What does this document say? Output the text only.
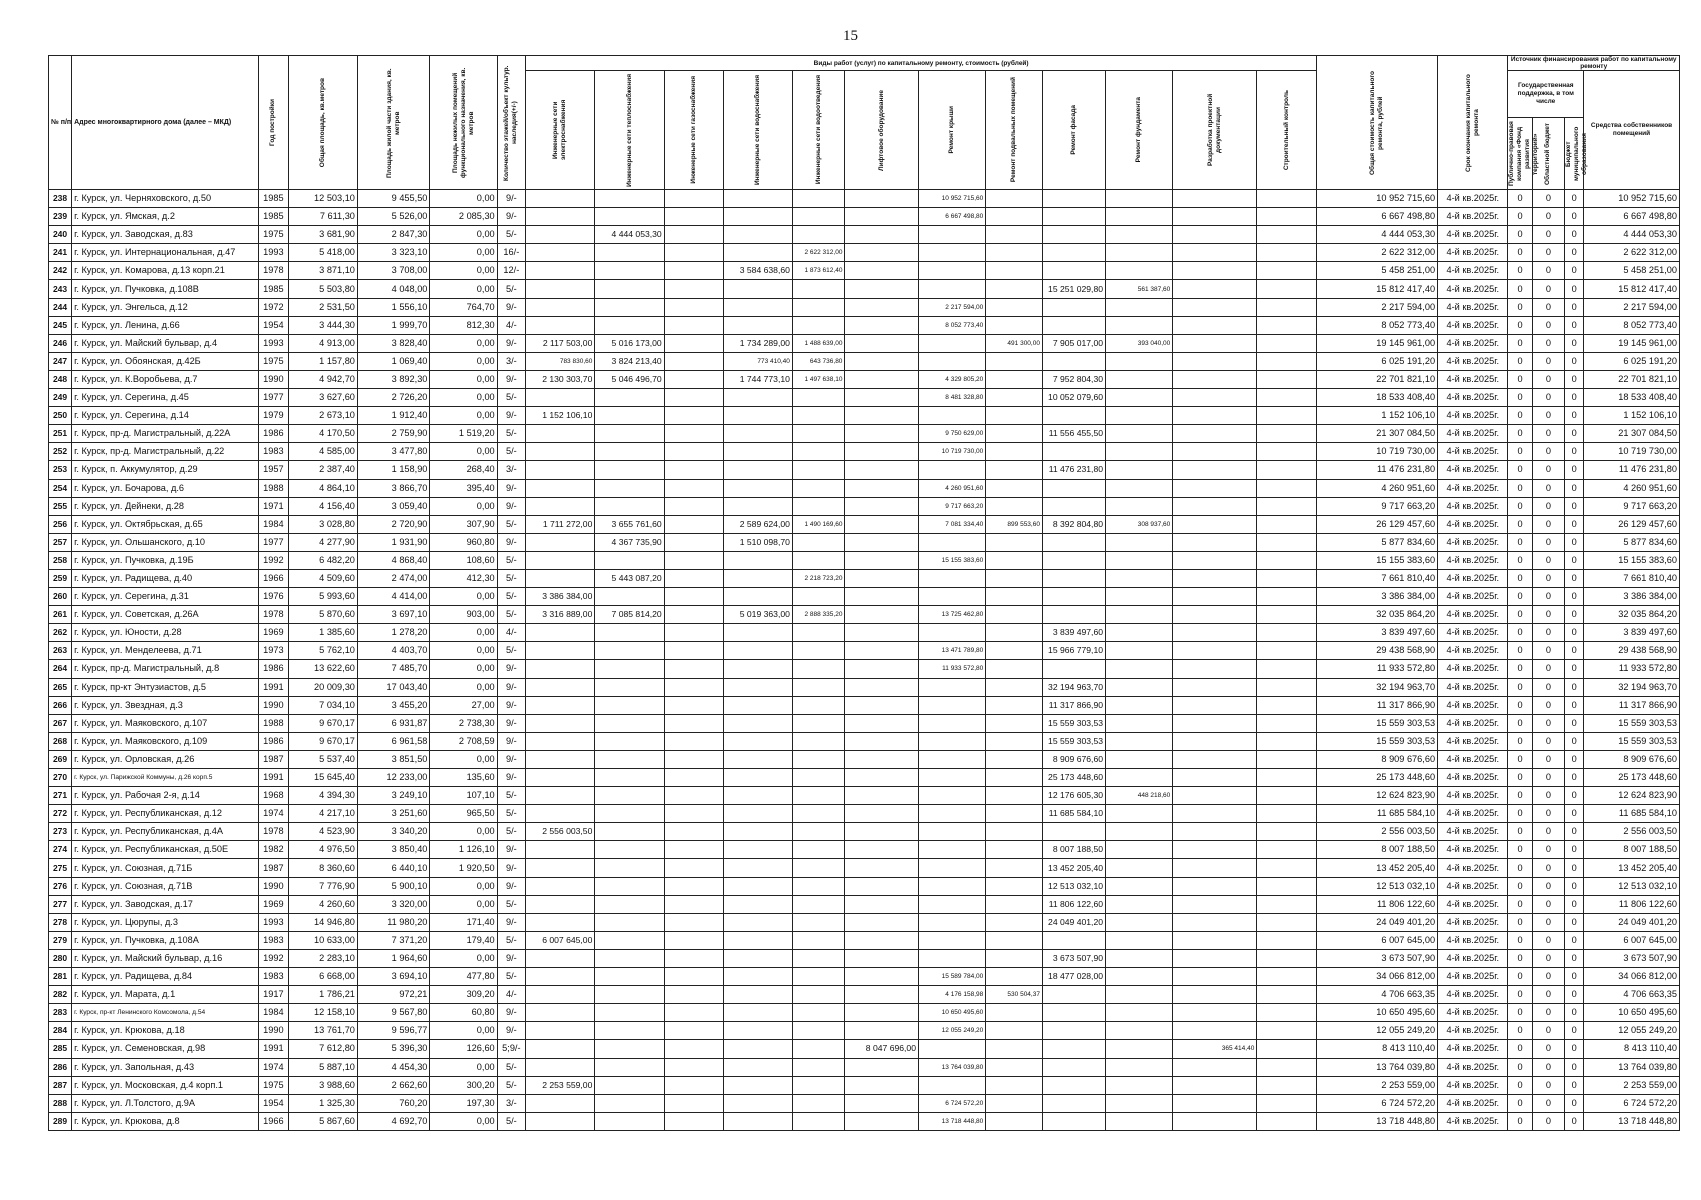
15
№ п/п	Адрес многоквартирного дома (далее – МКД)	Год постройки	Общая площадь, кв.метров	Площадь жилой части здания, кв. метров	Площадь нежилых помещений функционального назначения, кв. метров	Количество этажей/объект культур. наследия(+/-)	Виды работ (услуг) по капитальному ремонту, стоимость (рублей)												Общая стоимость капитального ремонта, рублей	Срок окончания капитального ремонта	Источник финансирования работ по капитальному ремонту			

							Инженерные сети электроснабжения	Инженерные сети теплоснабжения	Инженерные сети газоснабжения	Инженерные сети водоснабжения	Инженерные сети водоотведения	Лифтовое оборудование	Ремонт крыши	Ремонт подвальных помещений	Ремонт фасада	Ремонт фундамента	Разработка проектной документации	Строительный контроль			Государственная поддержка, в том числе			Средства собственников помещений

																					Публично-правовая компания «Фонд развития территорий»	Областной бюджет	Бюджет муниципального образования	

238	г. Курск, ул. Черняховского, д.50	1985	12 503,10	9 455,50	0,00	9/-							10 952 715,60						10 952 715,60	4-й кв.2025г.	0	0	0	10 952 715,60
239	г. Курск, ул. Ямская, д.2	1985	7 611,30	5 526,00	2 085,30	9/-							6 667 498,80						6 667 498,80	4-й кв.2025г.	0	0	0	6 667 498,80
240	г. Курск, ул. Заводская, д.83	1975	3 681,90	2 847,30	0,00	5/-		4 444 053,30											4 444 053,30	4-й кв.2025г.	0	0	0	4 444 053,30
241	г. Курск, ул. Интернациональная, д.47	1993	5 418,00	3 323,10	0,00	16/-					2 622 312,00								2 622 312,00	4-й кв.2025г.	0	0	0	2 622 312,00
242	г. Курск, ул. Комарова, д.13 корп.21	1978	3 871,10	3 708,00	0,00	12/-				3 584 638,60	1 873 612,40								5 458 251,00	4-й кв.2025г.	0	0	0	5 458 251,00
243	г. Курск, ул. Пучковка, д.108В	1985	5 503,80	4 048,00	0,00	5/-									15 251 029,80	561 387,60			15 812 417,40	4-й кв.2025г.	0	0	0	15 812 417,40
244	г. Курск, ул. Энгельса, д.12	1972	2 531,50	1 556,10	764,70	9/-							2 217 594,00						2 217 594,00	4-й кв.2025г.	0	0	0	2 217 594,00
245	г. Курск, ул. Ленина, д.66	1954	3 444,30	1 999,70	812,30	4/-							8 052 773,40						8 052 773,40	4-й кв.2025г.	0	0	0	8 052 773,40
246	г. Курск, ул. Майский бульвар, д.4	1993	4 913,00	3 828,40	0,00	9/-	2 117 503,00	5 016 173,00		1 734 289,00	1 488 639,00			491 300,00	7 905 017,00	393 040,00			19 145 961,00	4-й кв.2025г.	0	0	0	19 145 961,00
247	г. Курск, ул. Обоянская, д.42Б	1975	1 157,80	1 069,40	0,00	3/-	783 830,60	3 824 213,40		773 410,40	643 736,80								6 025 191,20	4-й кв.2025г.	0	0	0	6 025 191,20
248	г. Курск, ул. К.Воробьева, д.7	1990	4 942,70	3 892,30	0,00	9/-	2 130 303,70	5 046 496,70		1 744 773,10	1 497 638,10		4 329 805,20		7 952 804,30				22 701 821,10	4-й кв.2025г.	0	0	0	22 701 821,10
249	г. Курск, ул. Серегина, д.45	1977	3 627,60	2 726,20	0,00	5/-							8 481 328,80		10 052 079,60				18 533 408,40	4-й кв.2025г.	0	0	0	18 533 408,40
250	г. Курск, ул. Серегина, д.14	1979	2 673,10	1 912,40	0,00	9/-	1 152 106,10												1 152 106,10	4-й кв.2025г.	0	0	0	1 152 106,10
251	г. Курск, пр-д. Магистральный, д.22А	1986	4 170,50	2 759,90	1 519,20	5/-							9 750 629,00		11 556 455,50				21 307 084,50	4-й кв.2025г.	0	0	0	21 307 084,50
252	г. Курск, пр-д. Магистральный, д.22	1983	4 585,00	3 477,80	0,00	5/-							10 719 730,00						10 719 730,00	4-й кв.2025г.	0	0	0	10 719 730,00
253	г. Курск, п. Аккумулятор, д.29	1957	2 387,40	1 158,90	268,40	3/-									11 476 231,80				11 476 231,80	4-й кв.2025г.	0	0	0	11 476 231,80
254	г. Курск, ул. Бочарова, д.6	1988	4 864,10	3 866,70	395,40	9/-							4 260 951,60						4 260 951,60	4-й кв.2025г.	0	0	0	4 260 951,60
255	г. Курск, ул. Дейнеки, д.28	1971	4 156,40	3 059,40	0,00	9/-							9 717 663,20						9 717 663,20	4-й кв.2025г.	0	0	0	9 717 663,20
256	г. Курск, ул. Октябрьская, д.65	1984	3 028,80	2 720,90	307,90	5/-	1 711 272,00	3 655 761,60		2 589 624,00	1 490 169,60		7 081 334,40	899 553,60	8 392 804,80	308 937,60			26 129 457,60	4-й кв.2025г.	0	0	0	26 129 457,60
257	г. Курск, ул. Ольшанского, д.10	1977	4 277,90	1 931,90	960,80	9/-		4 367 735,90		1 510 098,70									5 877 834,60	4-й кв.2025г.	0	0	0	5 877 834,60
258	г. Курск, ул. Пучковка, д.19Б	1992	6 482,20	4 868,40	108,60	5/-							15 155 383,60						15 155 383,60	4-й кв.2025г.	0	0	0	15 155 383,60
259	г. Курск, ул. Радищева, д.40	1966	4 509,60	2 474,00	412,30	5/-		5 443 087,20			2 218 723,20								7 661 810,40	4-й кв.2025г.	0	0	0	7 661 810,40
260	г. Курск, ул. Серегина, д.31	1976	5 993,60	4 414,00	0,00	5/-	3 386 384,00												3 386 384,00	4-й кв.2025г.	0	0	0	3 386 384,00
261	г. Курск, ул. Советская, д.26А	1978	5 870,60	3 697,10	903,00	5/-	3 316 889,00	7 085 814,20		5 019 363,00	2 888 335,20		13 725 462,80						32 035 864,20	4-й кв.2025г.	0	0	0	32 035 864,20
262	г. Курск, ул. Юности, д.28	1969	1 385,60	1 278,20	0,00	4/-									3 839 497,60				3 839 497,60	4-й кв.2025г.	0	0	0	3 839 497,60
263	г. Курск, ул. Менделеева, д.71	1973	5 762,10	4 403,70	0,00	5/-							13 471 789,80		15 966 779,10				29 438 568,90	4-й кв.2025г.	0	0	0	29 438 568,90
264	г. Курск, пр-д. Магистральный, д.8	1986	13 622,60	7 485,70	0,00	9/-							11 933 572,80						11 933 572,80	4-й кв.2025г.	0	0	0	11 933 572,80
265	г. Курск, пр-кт Энтузиастов, д.5	1991	20 009,30	17 043,40	0,00	9/-									32 194 963,70				32 194 963,70	4-й кв.2025г.	0	0	0	32 194 963,70
266	г. Курск, ул. Звездная, д.3	1990	7 034,10	3 455,20	27,00	9/-									11 317 866,90				11 317 866,90	4-й кв.2025г.	0	0	0	11 317 866,90
267	г. Курск, ул. Маяковского, д.107	1988	9 670,17	6 931,87	2 738,30	9/-									15 559 303,53				15 559 303,53	4-й кв.2025г.	0	0	0	15 559 303,53
268	г. Курск, ул. Маяковского, д.109	1986	9 670,17	6 961,58	2 708,59	9/-									15 559 303,53				15 559 303,53	4-й кв.2025г.	0	0	0	15 559 303,53
269	г. Курск, ул. Орловская, д.26	1987	5 537,40	3 851,50	0,00	9/-									8 909 676,60				8 909 676,60	4-й кв.2025г.	0	0	0	8 909 676,60
270	г. Курск, ул. Парижской Коммуны, д.26 корп.5	1991	15 645,40	12 233,00	135,60	9/-									25 173 448,60				25 173 448,60	4-й кв.2025г.	0	0	0	25 173 448,60
271	г. Курск, ул. Рабочая 2-я, д.14	1968	4 394,30	3 249,10	107,10	5/-									12 176 605,30	448 218,60			12 624 823,90	4-й кв.2025г.	0	0	0	12 624 823,90
272	г. Курск, ул. Республиканская, д.12	1974	4 217,10	3 251,60	965,50	5/-									11 685 584,10				11 685 584,10	4-й кв.2025г.	0	0	0	11 685 584,10
273	г. Курск, ул. Республиканская, д.4А	1978	4 523,90	3 340,20	0,00	5/-	2 556 003,50												2 556 003,50	4-й кв.2025г.	0	0	0	2 556 003,50
274	г. Курск, ул. Республиканская, д.50Е	1982	4 976,50	3 850,40	1 126,10	9/-									8 007 188,50				8 007 188,50	4-й кв.2025г.	0	0	0	8 007 188,50
275	г. Курск, ул. Союзная, д.71Б	1987	8 360,60	6 440,10	1 920,50	9/-									13 452 205,40				13 452 205,40	4-й кв.2025г.	0	0	0	13 452 205,40
276	г. Курск, ул. Союзная, д.71В	1990	7 776,90	5 900,10	0,00	9/-									12 513 032,10				12 513 032,10	4-й кв.2025г.	0	0	0	12 513 032,10
277	г. Курск, ул. Заводская, д.17	1969	4 260,60	3 320,00	0,00	5/-									11 806 122,60				11 806 122,60	4-й кв.2025г.	0	0	0	11 806 122,60
278	г. Курск, ул. Цюрупы, д.3	1993	14 946,80	11 980,20	171,40	9/-									24 049 401,20				24 049 401,20	4-й кв.2025г.	0	0	0	24 049 401,20
279	г. Курск, ул. Пучковка, д.108А	1983	10 633,00	7 371,20	179,40	5/-	6 007 645,00												6 007 645,00	4-й кв.2025г.	0	0	0	6 007 645,00
280	г. Курск, ул. Майский бульвар, д.16	1992	2 283,10	1 964,60	0,00	9/-									3 673 507,90				3 673 507,90	4-й кв.2025г.	0	0	0	3 673 507,90
281	г. Курск, ул. Радищева, д.84	1983	6 668,00	3 694,10	477,80	5/-							15 589 784,00		18 477 028,00				34 066 812,00	4-й кв.2025г.	0	0	0	34 066 812,00
282	г. Курск, ул. Марата, д.1	1917	1 786,21	972,21	309,20	4/-							4 176 158,98	530 504,37					4 706 663,35	4-й кв.2025г.	0	0	0	4 706 663,35
283	г. Курск, пр-кт Ленинского Комсомола, д.54	1984	12 158,10	9 567,80	60,80	9/-							10 650 495,60						10 650 495,60	4-й кв.2025г.	0	0	0	10 650 495,60
284	г. Курск, ул. Крюкова, д.18	1990	13 761,70	9 596,77	0,00	9/-							12 055 249,20						12 055 249,20	4-й кв.2025г.	0	0	0	12 055 249,20
285	г. Курск, ул. Семеновская, д.98	1991	7 612,80	5 396,30	126,60	5;9/-						8 047 696,00					365 414,40		8 413 110,40	4-й кв.2025г.	0	0	0	8 413 110,40
286	г. Курск, ул. Запольная, д.43	1974	5 887,10	4 454,30	0,00	5/-							13 764 039,80						13 764 039,80	4-й кв.2025г.	0	0	0	13 764 039,80
287	г. Курск, ул. Московская, д.4 корп.1	1975	3 988,60	2 662,60	300,20	5/-	2 253 559,00												2 253 559,00	4-й кв.2025г.	0	0	0	2 253 559,00
288	г. Курск, ул. Л.Толстого, д.9А	1954	1 325,30	760,20	197,30	3/-							6 724 572,20						6 724 572,20	4-й кв.2025г.	0	0	0	6 724 572,20
289	г. Курск, ул. Крюкова, д.8	1966	5 867,60	4 692,70	0,00	5/-							13 718 448,80						13 718 448,80	4-й кв.2025г.	0	0	0	13 718 448,80
